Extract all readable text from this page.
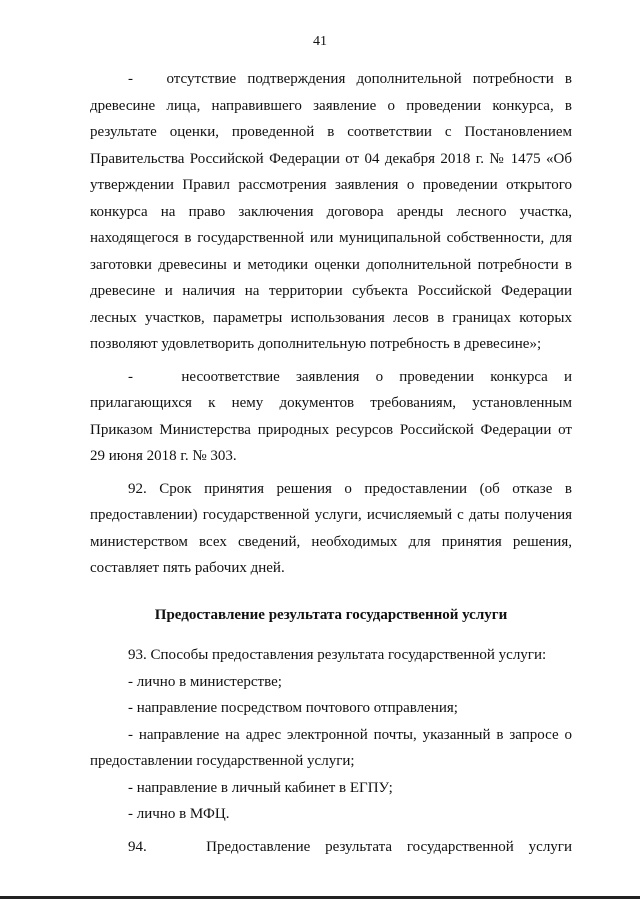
41

-   отсутствие подтверждения дополнительной потребности в древесине лица, направившего заявление о проведении конкурса, в результате оценки, проведенной в соответствии с Постановлением Правительства Российской Федерации от 04 декабря 2018 г. № 1475 «Об утверждении Правил рассмотрения заявления о проведении открытого конкурса на право заключения договора аренды лесного участка, находящегося в государственной или муниципальной собственности, для заготовки древесины и методики оценки дополнительной потребности в древесине и наличия на территории субъекта Российской Федерации лесных участков, параметры использования лесов в границах которых позволяют удовлетворить дополнительную потребность в древесине»;

-   несоответствие заявления о проведении конкурса и прилагающихся к нему документов требованиям, установленным Приказом Министерства природных ресурсов Российской Федерации от 29 июня 2018 г. № 303.

92. Срок принятия решения о предоставлении (об отказе в предоставлении) государственной услуги, исчисляемый с даты получения министерством всех сведений, необходимых для принятия решения, составляет пять рабочих дней.

Предоставление результата государственной услуги

93. Способы предоставления результата государственной услуги:

- лично в министерстве;

- направление посредством почтового отправления;

- направление на адрес электронной почты, указанный в запросе о предоставлении государственной услуги;

- направление в личный кабинет в ЕГПУ;

- лично в МФЦ.

94.    Предоставление результата государственной услуги
